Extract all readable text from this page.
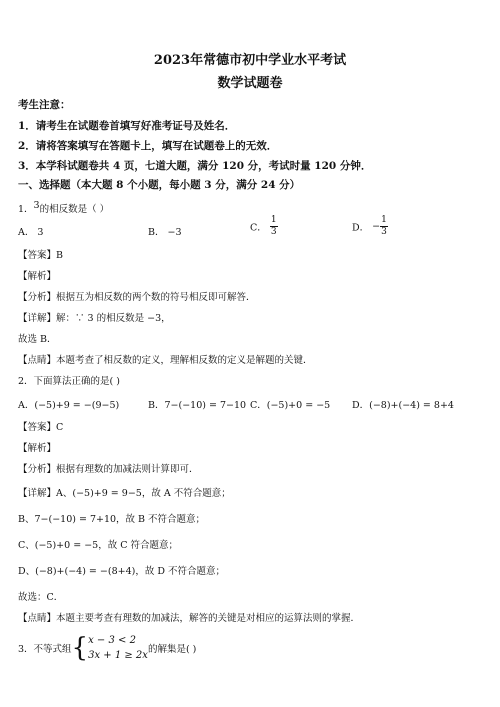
2023年常德市初中学业水平考试
数学试题卷
考生注意：
1．请考生在试题卷首填写好准考证号及姓名．
2．请将答案填写在答题卡上，填写在试题卷上的无效．
3．本学科试题卷共 4 页，七道大题，满分 120 分，考试时量 120 分钟．
一、选择题（本大题 8 个小题，每小题 3 分，满分 24 分）
1．3的相反数是（ ）
A． 3	B． −3	C． $\frac{1}{3}$	D． − $\frac{1}{3}$
【答案】B
【解析】
【分析】根据互为相反数的两个数的符号相反即可解答．
【详解】解：∵ 3 的相反数是 −3，
故选 B．
【点睛】本题考查了相反数的定义，理解相反数的定义是解题的关键．
2．下面算法正确的是( )
A．(−5)+9 = −(9−5)	B．7−(−10) = 7−10 C．(−5)+0 = −5 D．(−8)+(−4) = 8+4
【答案】C
【解析】
【分析】根据有理数的加减法则计算即可．
【详解】A、(−5)+9 = 9−5，故 A 不符合题意；
B、7−(−10) = 7+10，故 B 不符合题意；
C、(−5)+0 = −5，故 C 符合题意；
D、(−8)+(−4) = −(8+4)，故 D 不符合题意；
故选：C．
【点睛】本题主要考查有理数的加减法，解答的关键是对相应的运算法则的掌握．
3．不等式组{ x − 3 < 2
3x + 1 ≥ 2x
的解集是( )
